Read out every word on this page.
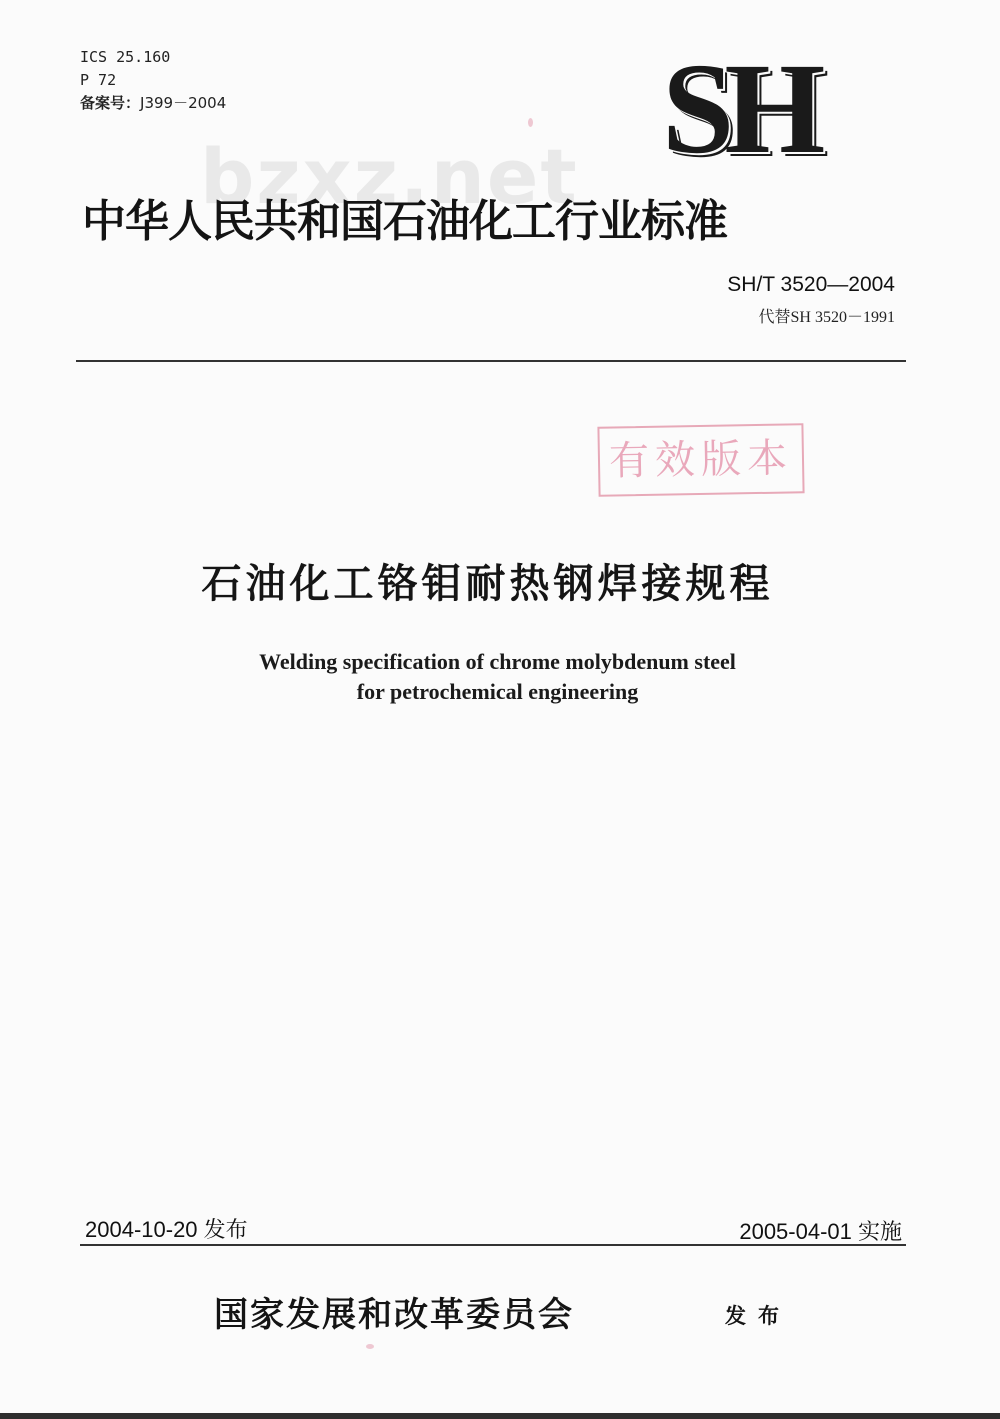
ICS 25.160
P 72
备案号：J399－2004	SH
bzxz.net
中华人民共和国石油化工行业标准
SH/T 3520—2004
代替SH 3520－1991
有效版本
石油化工铬钼耐热钢焊接规程
Welding specification of chrome molybdenum steel
for petrochemical engineering
2004-10-20 发布	2005-04-01 实施
国家发展和改革委员会	发布
